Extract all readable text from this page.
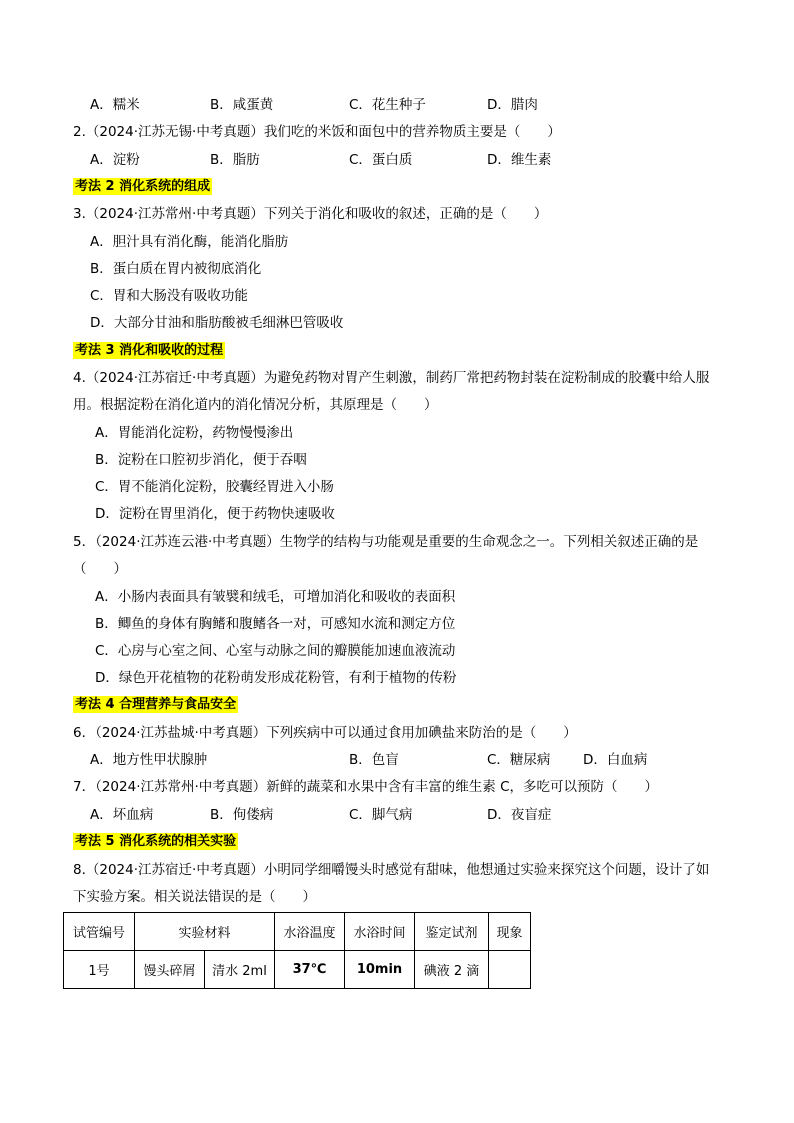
A．糯米	B．咸蛋黄	C．花生种子	D．腊肉
2.（2024·江苏无锡·中考真题）我们吃的米饭和面包中的营养物质主要是（　　）
A．淀粉	B．脂肪	C．蛋白质	D．维生素
考法 2 消化系统的组成
3.（2024·江苏常州·中考真题）下列关于消化和吸收的叙述，正确的是（　　）
A．胆汁具有消化酶，能消化脂肪
B．蛋白质在胃内被彻底消化
C．胃和大肠没有吸收功能
D．大部分甘油和脂肪酸被毛细淋巴管吸收
考法 3 消化和吸收的过程
4.（2024·江苏宿迁·中考真题）为避免药物对胃产生刺激，制药厂常把药物封装在淀粉制成的胶囊中给人服
用。根据淀粉在消化道内的消化情况分析，其原理是（　　）
A．胃能消化淀粉，药物慢慢渗出
B．淀粉在口腔初步消化，便于吞咽
C．胃不能消化淀粉，胶囊经胃进入小肠
D．淀粉在胃里消化，便于药物快速吸收
5．（2024·江苏连云港·中考真题）生物学的结构与功能观是重要的生命观念之一。下列相关叙述正确的是
（　　）
A．小肠内表面具有皱襞和绒毛，可增加消化和吸收的表面积
B．鲫鱼的身体有胸鳍和腹鳍各一对，可感知水流和测定方位
C．心房与心室之间、心室与动脉之间的瓣膜能加速血液流动
D．绿色开花植物的花粉萌发形成花粉管，有利于植物的传粉
考法 4 合理营养与食品安全
6．（2024·江苏盐城·中考真题）下列疾病中可以通过食用加碘盐来防治的是（　　）
A．地方性甲状腺肿	B．色盲	C．糖尿病 D．白血病
7．（2024·江苏常州·中考真题）新鲜的蔬菜和水果中含有丰富的维生素 C，多吃可以预防（　　）
A．坏血病	B．佝偻病	C．脚气病	D．夜盲症
考法 5 消化系统的相关实验
8.（2024·江苏宿迁·中考真题）小明同学细嚼馒头时感觉有甜味，他想通过实验来探究这个问题，设计了如
下实验方案。相关说法错误的是（　　）
试管编号	实验材料		水浴温度	水浴时间	鉴定试剂	现象
1号	馒头碎屑	清水 2ml	37℃	10min	碘液 2 滴	
